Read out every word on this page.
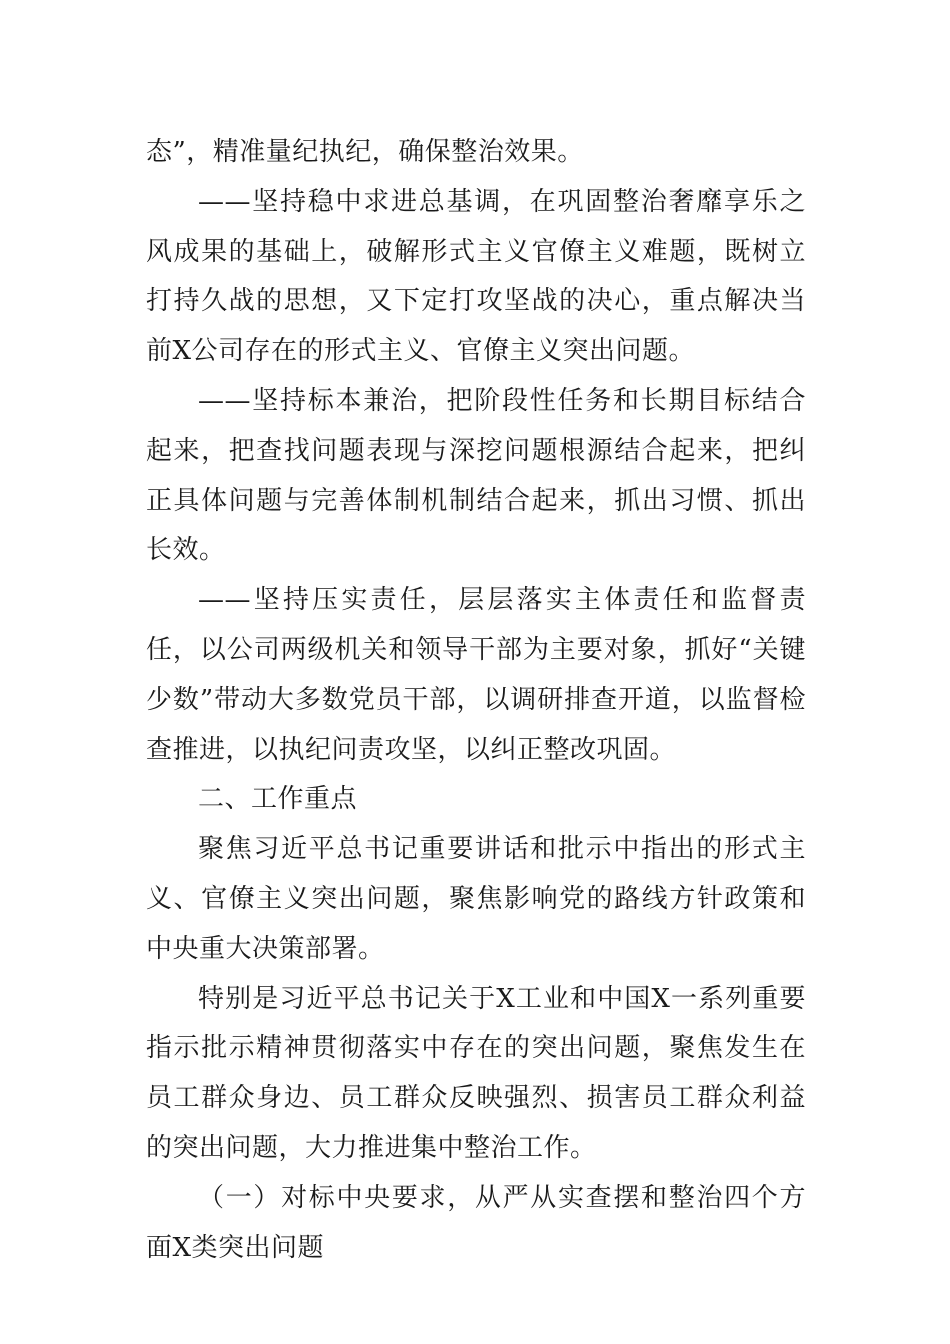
态”，精准量纪执纪，确保整治效果。

——坚持稳中求进总基调，在巩固整治奢靡享乐之风成果的基础上，破解形式主义官僚主义难题，既树立打持久战的思想，又下定打攻坚战的决心，重点解决当前X公司存在的形式主义、官僚主义突出问题。

——坚持标本兼治，把阶段性任务和长期目标结合起来，把查找问题表现与深挖问题根源结合起来，把纠正具体问题与完善体制机制结合起来，抓出习惯、抓出长效。

——坚持压实责任，层层落实主体责任和监督责任，以公司两级机关和领导干部为主要对象，抓好“关键少数”带动大多数党员干部，以调研排查开道，以监督检查推进，以执纪问责攻坚，以纠正整改巩固。

二、工作重点

聚焦习近平总书记重要讲话和批示中指出的形式主义、官僚主义突出问题，聚焦影响党的路线方针政策和中央重大决策部署。

特别是习近平总书记关于X工业和中国X一系列重要指示批示精神贯彻落实中存在的突出问题，聚焦发生在员工群众身边、员工群众反映强烈、损害员工群众利益的突出问题，大力推进集中整治工作。

（一）对标中央要求，从严从实查摆和整治四个方面X类突出问题
